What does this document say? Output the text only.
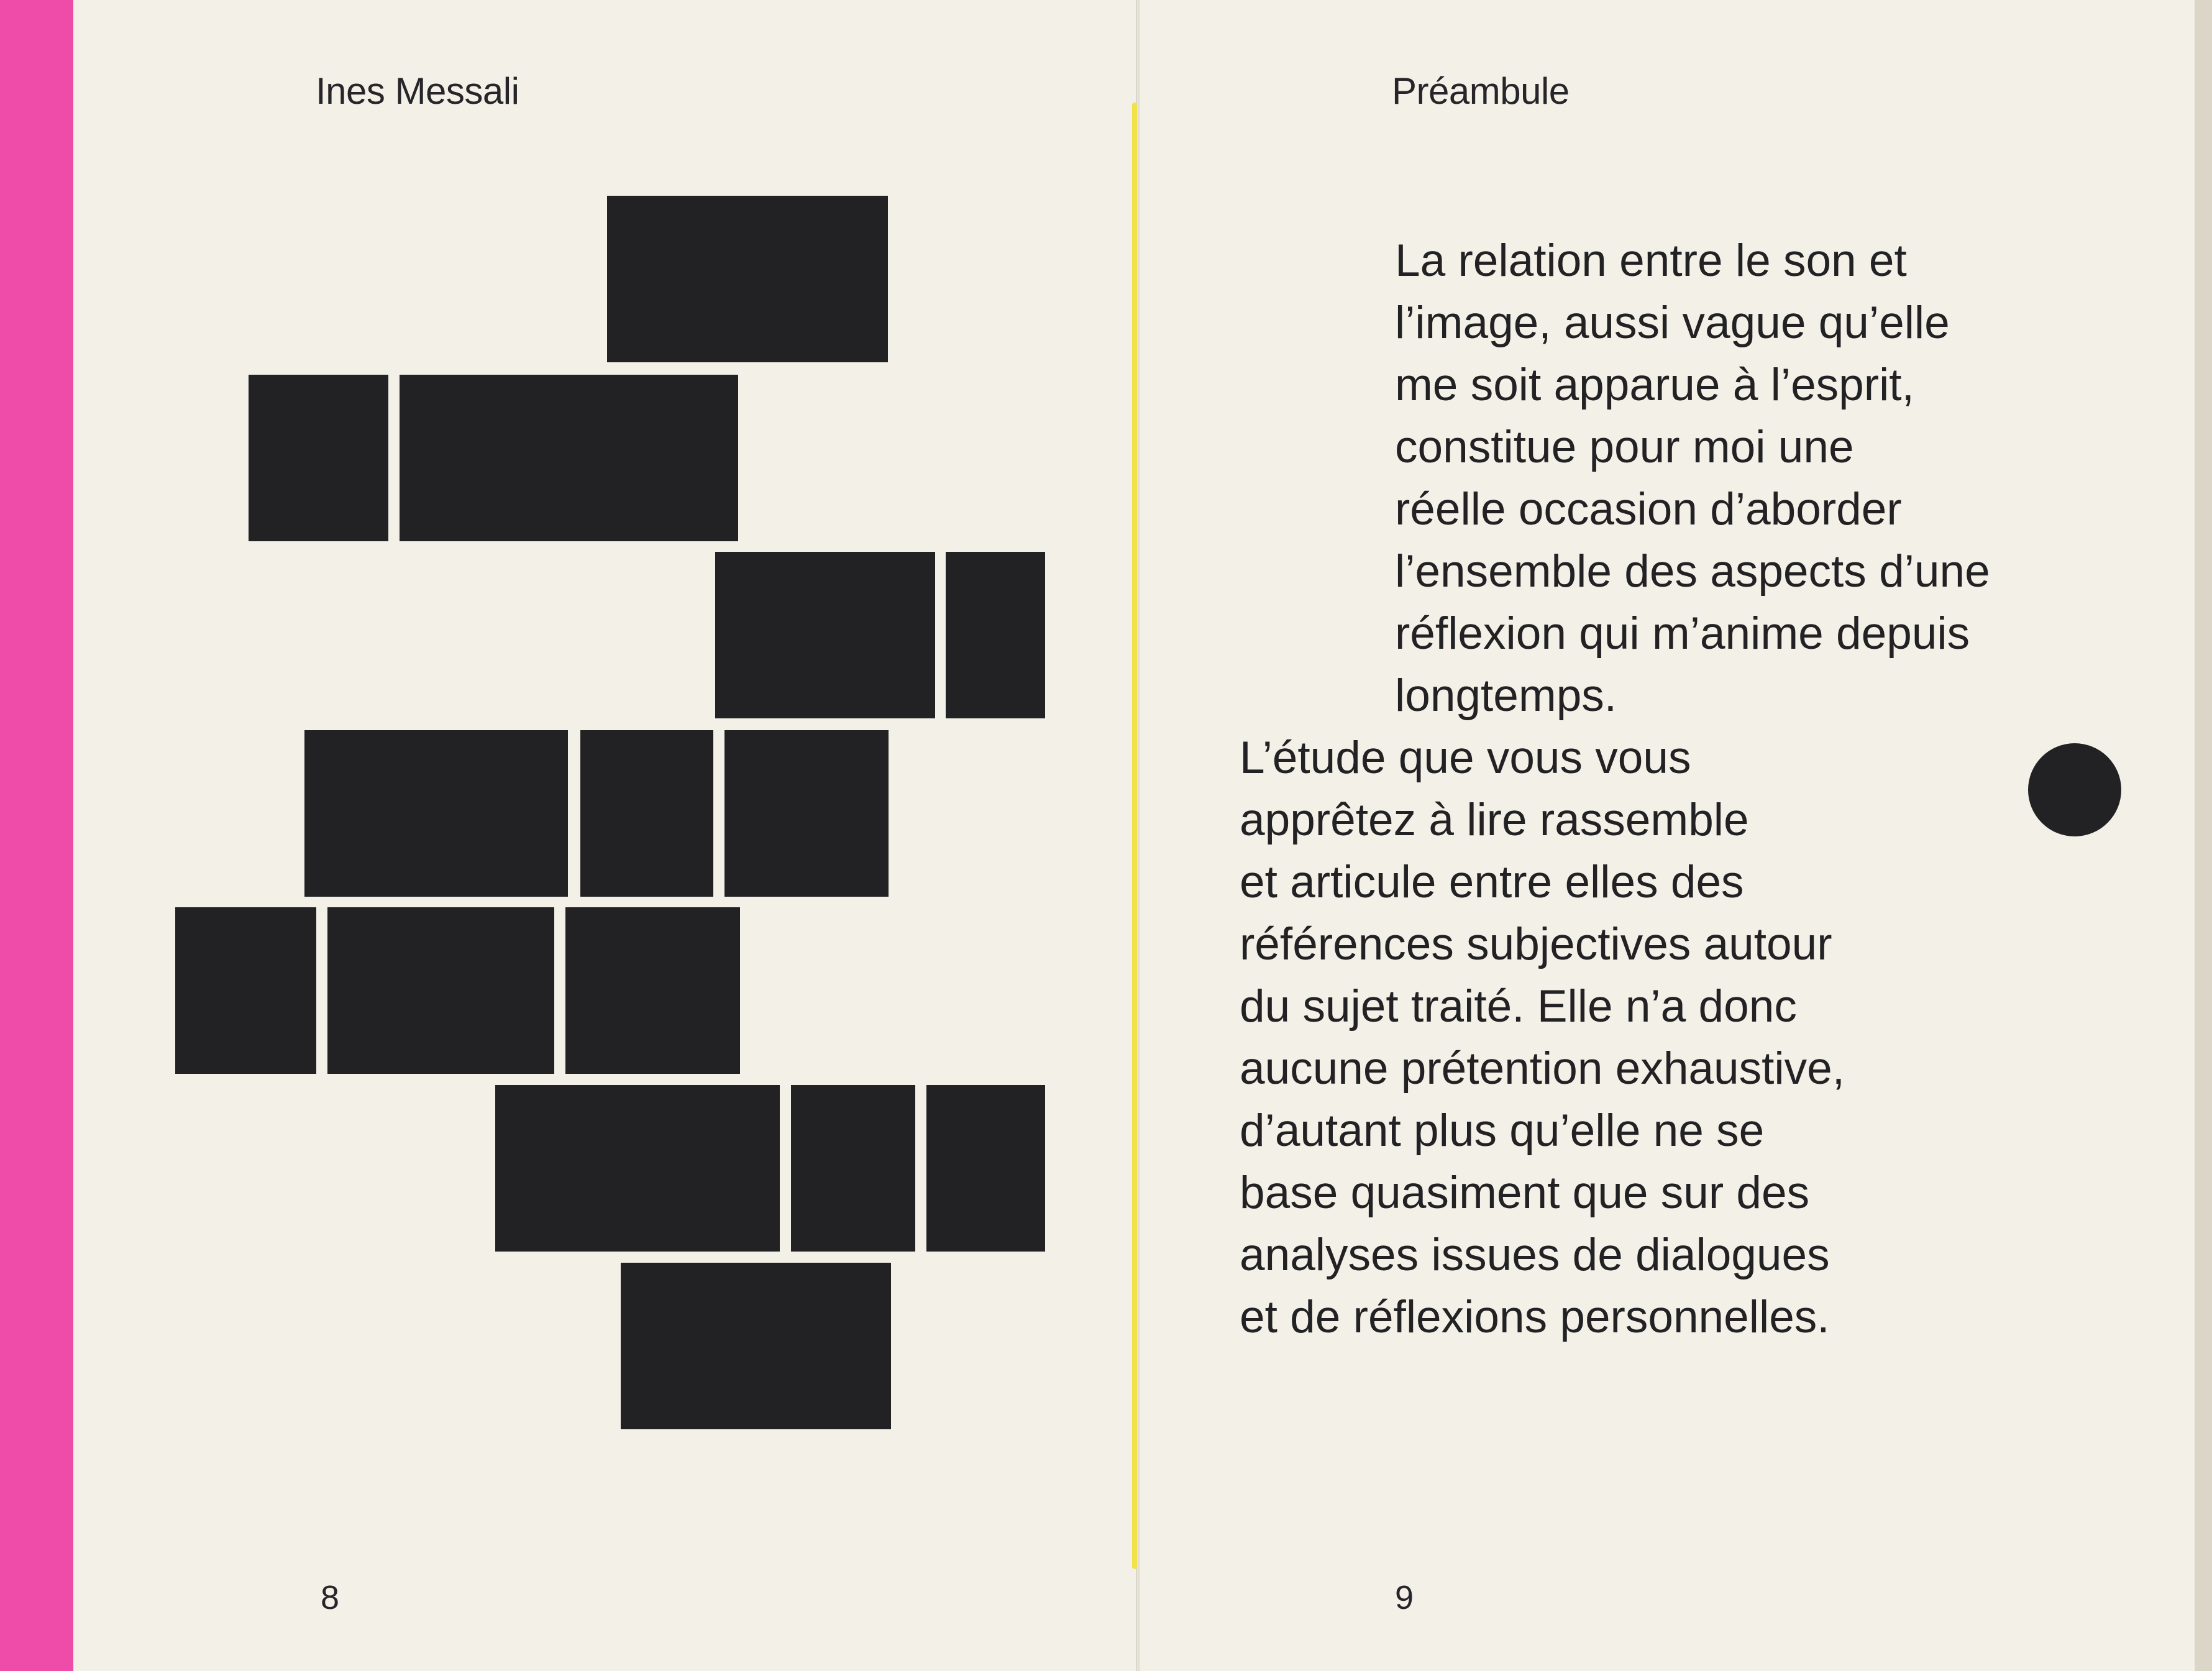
Ines Messali
8
Préambule
La relation entre le son et
l’image, aussi vague qu’elle
me soit apparue à l’esprit,
constitue pour moi une
réelle occasion d’aborder
l’ensemble des aspects d’une
réflexion qui m’anime depuis
longtemps.
L’étude que vous vous
apprêtez à lire rassemble
et articule entre elles des
références subjectives autour
du sujet traité. Elle n’a donc
aucune prétention exhaustive,
d’autant plus qu’elle ne se
base quasiment que sur des
analyses issues de dialogues
et de réflexions personnelles.
9
